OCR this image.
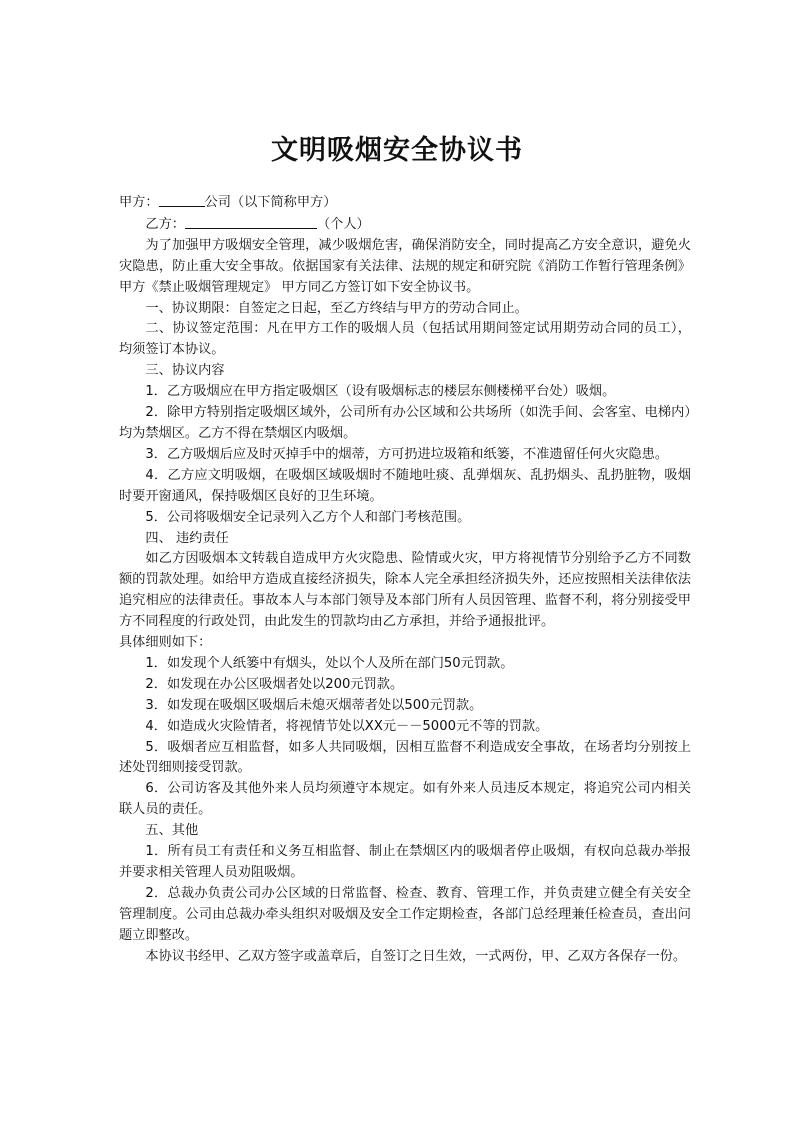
文明吸烟安全协议书

甲方：	公司（以下简称甲方）

乙方：	（个人）

为了加强甲方吸烟安全管理，减少吸烟危害，确保消防安全，同时提高乙方安全意识，避免火灾隐患，防止重大安全事故。依据国家有关法律、法规的规定和研究院《消防工作暂行管理条例》 甲方《禁止吸烟管理规定》 甲方同乙方签订如下安全协议书。

一、协议期限：自签定之日起，至乙方终结与甲方的劳动合同止。

二、协议签定范围：凡在甲方工作的吸烟人员（包括试用期间签定试用期劳动合同的员工），均须签订本协议。

三、协议内容

1．乙方吸烟应在甲方指定吸烟区（设有吸烟标志的楼层东侧楼梯平台处）吸烟。

2．除甲方特别指定吸烟区域外，公司所有办公区域和公共场所（如洗手间、会客室、电梯内）均为禁烟区。乙方不得在禁烟区内吸烟。

3．乙方吸烟后应及时灭掉手中的烟蒂，方可扔进垃圾箱和纸篓，不准遗留任何火灾隐患。

4．乙方应文明吸烟，在吸烟区域吸烟时不随地吐痰、乱弹烟灰、乱扔烟头、乱扔脏物，吸烟时要开窗通风，保持吸烟区良好的卫生环境。

5．公司将吸烟安全记录列入乙方个人和部门考核范围。

四、 违约责任

如乙方因吸烟本文转载自造成甲方火灾隐患、险情或火灾，甲方将视情节分别给予乙方不同数额的罚款处理。如给甲方造成直接经济损失，除本人完全承担经济损失外，还应按照相关法律依法追究相应的法律责任。事故本人与本部门领导及本部门所有人员因管理、监督不利，将分别接受甲方不同程度的行政处罚，由此发生的罚款均由乙方承担，并给予通报批评。

具体细则如下：

1．如发现个人纸篓中有烟头，处以个人及所在部门50元罚款。

2．如发现在办公区吸烟者处以200元罚款。

3．如发现在吸烟区吸烟后未熄灭烟蒂者处以500元罚款。

4．如造成火灾险情者，将视情节处以XX元－－5000元不等的罚款。

5．吸烟者应互相监督，如多人共同吸烟，因相互监督不利造成安全事故，在场者均分别按上述处罚细则接受罚款。

6．公司访客及其他外来人员均须遵守本规定。如有外来人员违反本规定，将追究公司内相关联人员的责任。

五、其他

1．所有员工有责任和义务互相监督、制止在禁烟区内的吸烟者停止吸烟，有权向总裁办举报并要求相关管理人员劝阻吸烟。

2．总裁办负责公司办公区域的日常监督、检查、教育、管理工作，并负责建立健全有关安全管理制度。公司由总裁办牵头组织对吸烟及安全工作定期检查，各部门总经理兼任检查员，查出问题立即整改。

本协议书经甲、乙双方签字或盖章后，自签订之日生效，一式两份，甲、乙双方各保存一份。
